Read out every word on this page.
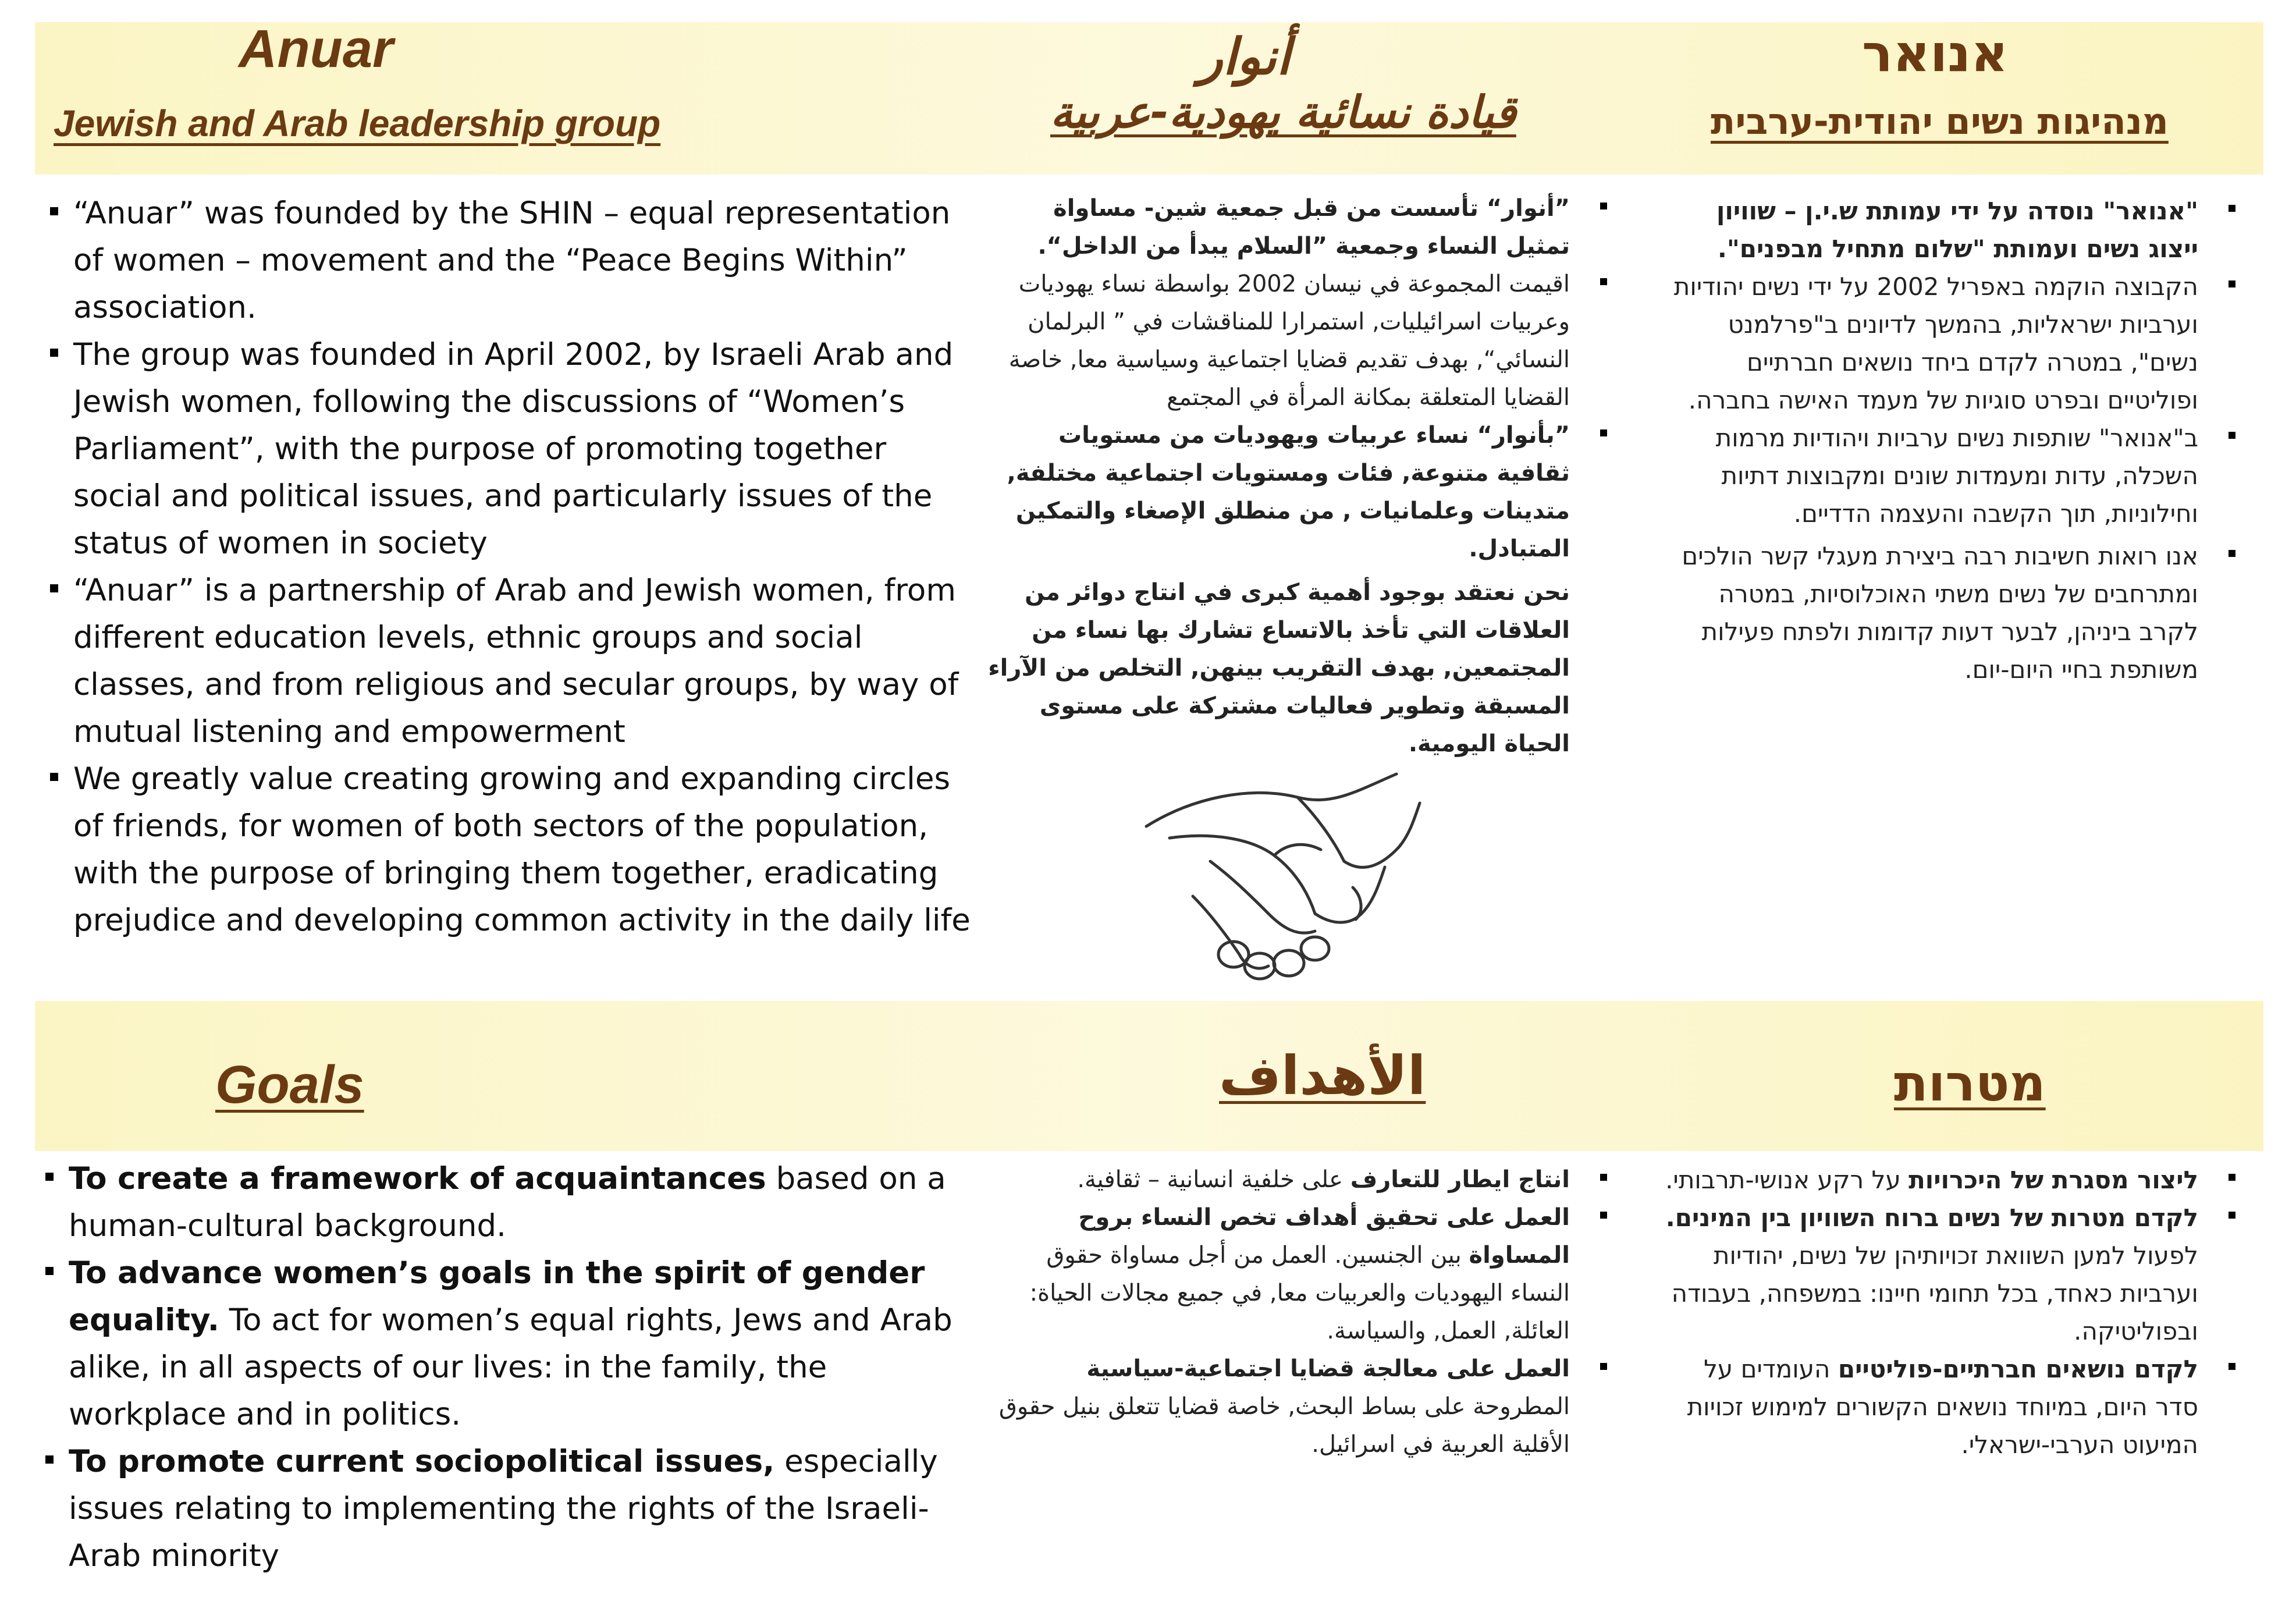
Anuar
Jewish and Arab leadership group
أنوار
قيادة نسائية يهودية-عربية
אנואר
מנהיגות נשים יהודית-ערבית
“Anuar” was founded by the SHIN – equal representation of women – movement and the “Peace Begins Within” association.
The group was founded in April 2002, by Israeli Arab and Jewish women, following the discussions of “Women’s Parliament”, with the purpose of promoting together social and political issues, and particularly issues of the status of women in society
“Anuar” is a partnership of Arab and Jewish women, from different education levels, ethnic groups and social classes, and from religious and secular groups, by way of mutual listening and empowerment
We greatly value creating growing and expanding circles of friends, for women of both sectors of the population, with the purpose of bringing them together, eradicating prejudice and developing common activity in the daily life
”أنوار“ تأسست من قبل جمعية شين- مساواة تمثيل النساء وجمعية ”السلام يبدأ من الداخل“.
اقيمت المجموعة في نيسان 2002 بواسطة نساء يهوديات وعربيات اسرائيليات, استمرارا للمناقشات في ” البرلمان النسائي“, بهدف تقديم قضايا اجتماعية وسياسية معا, خاصة القضايا المتعلقة بمكانة المرأة في المجتمع
”بأنوار“ نساء عربيات ويهوديات من مستويات ثقافية متنوعة, فئات ومستويات اجتماعية مختلفة, متدينات وعلمانيات , من منطلق الإصغاء والتمكين المتبادل.
نحن نعتقد بوجود أهمية كبرى في انتاج دوائر من العلاقات التي تأخذ بالاتساع تشارك بها نساء من المجتمعين, بهدف التقريب بينهن, التخلص من الآراء المسبقة وتطوير فعاليات مشتركة على مستوى الحياة اليومية.
"אנואר" נוסדה על ידי עמותת ש.י.ן – שוויון ייצוג נשים ועמותת "שלום מתחיל מבפנים".
הקבוצה הוקמה באפריל 2002 על ידי נשים יהודיות וערביות ישראליות, בהמשך לדיונים ב"פרלמנט נשים", במטרה לקדם ביחד נושאים חברתיים ופוליטיים ובפרט סוגיות של מעמד האישה בחברה.
ב"אנואר" שותפות נשים ערביות ויהודיות מרמות השכלה, עדות ומעמדות שונים ומקבוצות דתיות וחילוניות, תוך הקשבה והעצמה הדדיים.
אנו רואות חשיבות רבה ביצירת מעגלי קשר הולכים ומתרחבים של נשים משתי האוכלוסיות, במטרה לקרב ביניהן, לבער דעות קדומות ולפתח פעילות משותפת בחיי היום-יום.
Goals	الأهداف	מטרות
To create a framework of acquaintances based on a human-cultural background.
To advance women’s goals in the spirit of gender equality. To act for women’s equal rights, Jews and Arab alike, in all aspects of our lives: in the family, the workplace and in politics.
To promote current sociopolitical issues, especially issues relating to implementing the rights of the Israeli-Arab minority
انتاج ايطار للتعارف على خلفية انسانية – ثقافية.
العمل على تحقيق أهداف تخص النساء بروح المساواة بين الجنسين. العمل من أجل مساواة حقوق النساء اليهوديات والعربيات معا, في جميع مجالات الحياة: العائلة, العمل, والسياسة.
العمل على معالجة قضايا اجتماعية-سياسية المطروحة على بساط البحث, خاصة قضايا تتعلق بنيل حقوق الأقلية العربية في اسرائيل.
ליצור מסגרת של היכרויות על רקע אנושי-תרבותי.
לקדם מטרות של נשים ברוח השוויון בין המינים. לפעול למען השוואת זכויותיהן של נשים, יהודיות וערביות כאחד, בכל תחומי חיינו: במשפחה, בעבודה ובפוליטיקה.
לקדם נושאים חברתיים-פוליטיים העומדים על סדר היום, במיוחד נושאים הקשורים למימוש זכויות המיעוט הערבי-ישראלי.
